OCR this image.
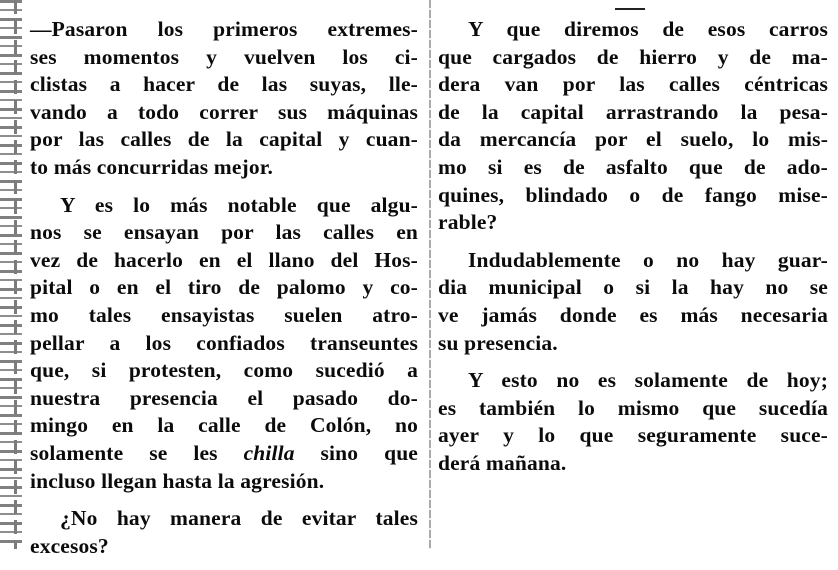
—Pasaron los primeros extremes-
ses momentos y vuelven los ci-
clistas a hacer de las suyas, lle-
vando a todo correr sus máquinas
por las calles de la capital y cuan-
to más concurridas mejor.
Y es lo más notable que algu-
nos se ensayan por las calles en
vez de hacerlo en el llano del Hos-
pital o en el tiro de palomo y co-
mo tales ensayistas suelen atro-
pellar a los confiados transeuntes
que, si protesten, como sucedió a
nuestra presencia el pasado do-
mingo en la calle de Colón, no
solamente se les chilla sino que
incluso llegan hasta la agresión.
¿No hay manera de evitar tales
excesos?
Y que diremos de esos carros
que cargados de hierro y de ma-
dera van por las calles céntricas
de la capital arrastrando la pesa-
da mercancía por el suelo, lo mis-
mo si es de asfalto que de ado-
quines, blindado o de fango mise-
rable?
Indudablemente o no hay guar-
dia municipal o si la hay no se
ve jamás donde es más necesaria
su presencia.
Y esto no es solamente de hoy;
es también lo mismo que sucedía
ayer y lo que seguramente suce-
derá mañana.
